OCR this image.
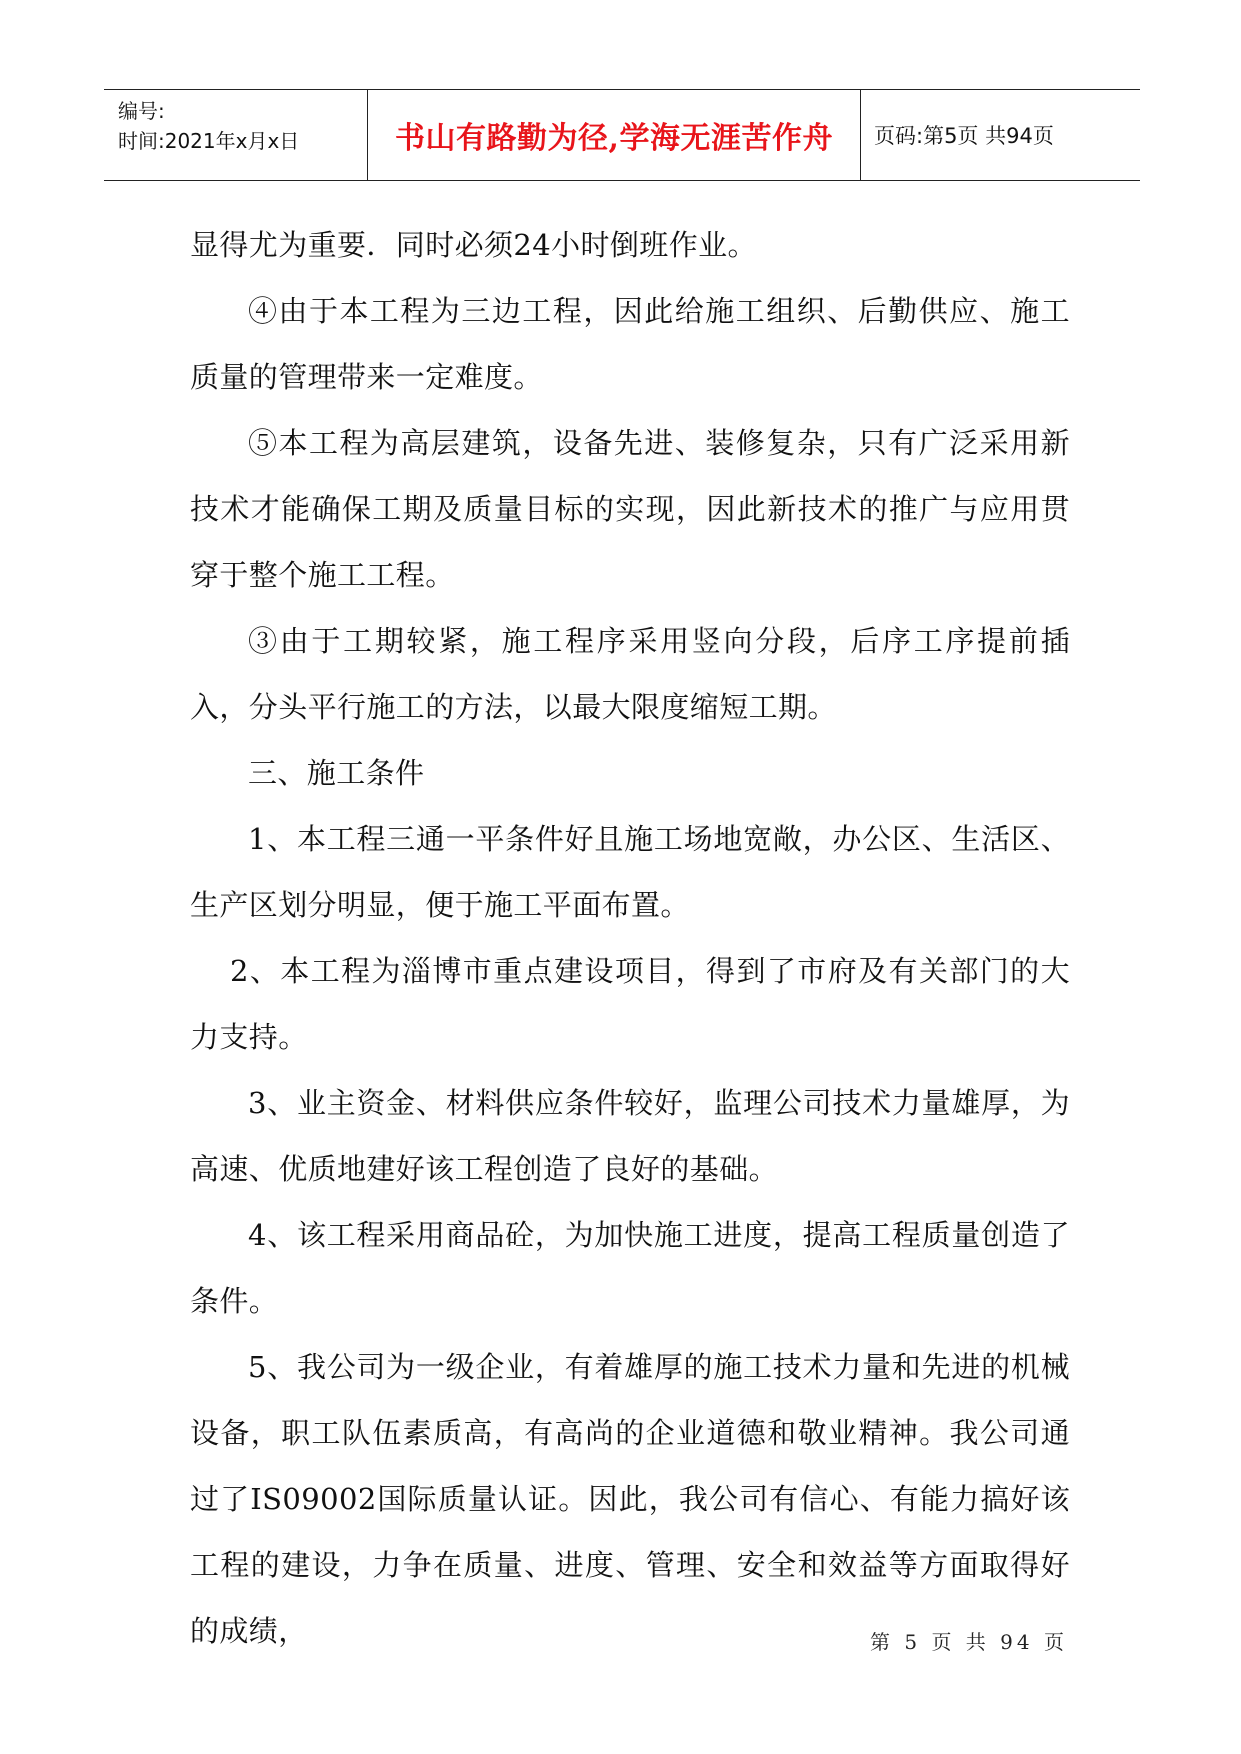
编号:
时间:2021年x月x日	书山有路勤为径,学海无涯苦作舟	页码:第5页 共94页

显得尤为重要．同时必须24小时倒班作业。

④由于本工程为三边工程，因此给施工组织、后勤供应、施工质量的管理带来一定难度。

⑤本工程为高层建筑，设备先进、装修复杂，只有广泛采用新技术才能确保工期及质量目标的实现，因此新技术的推广与应用贯穿于整个施工工程。

③由于工期较紧，施工程序采用竖向分段，后序工序提前插入，分头平行施工的方法，以最大限度缩短工期。

三、施工条件

1、本工程三通一平条件好且施工场地宽敞，办公区、生活区、生产区划分明显，便于施工平面布置。

2、本工程为淄博市重点建设项目，得到了市府及有关部门的大力支持。

3、业主资金、材料供应条件较好，监理公司技术力量雄厚，为高速、优质地建好该工程创造了良好的基础。

4、该工程采用商品砼，为加快施工进度，提高工程质量创造了条件。

5、我公司为一级企业，有着雄厚的施工技术力量和先进的机械设备，职工队伍素质高，有高尚的企业道德和敬业精神。我公司通过了IS09002国际质量认证。因此，我公司有信心、有能力搞好该工程的建设，力争在质量、进度、管理、安全和效益等方面取得好的成绩，	第 5 页 共 94 页
